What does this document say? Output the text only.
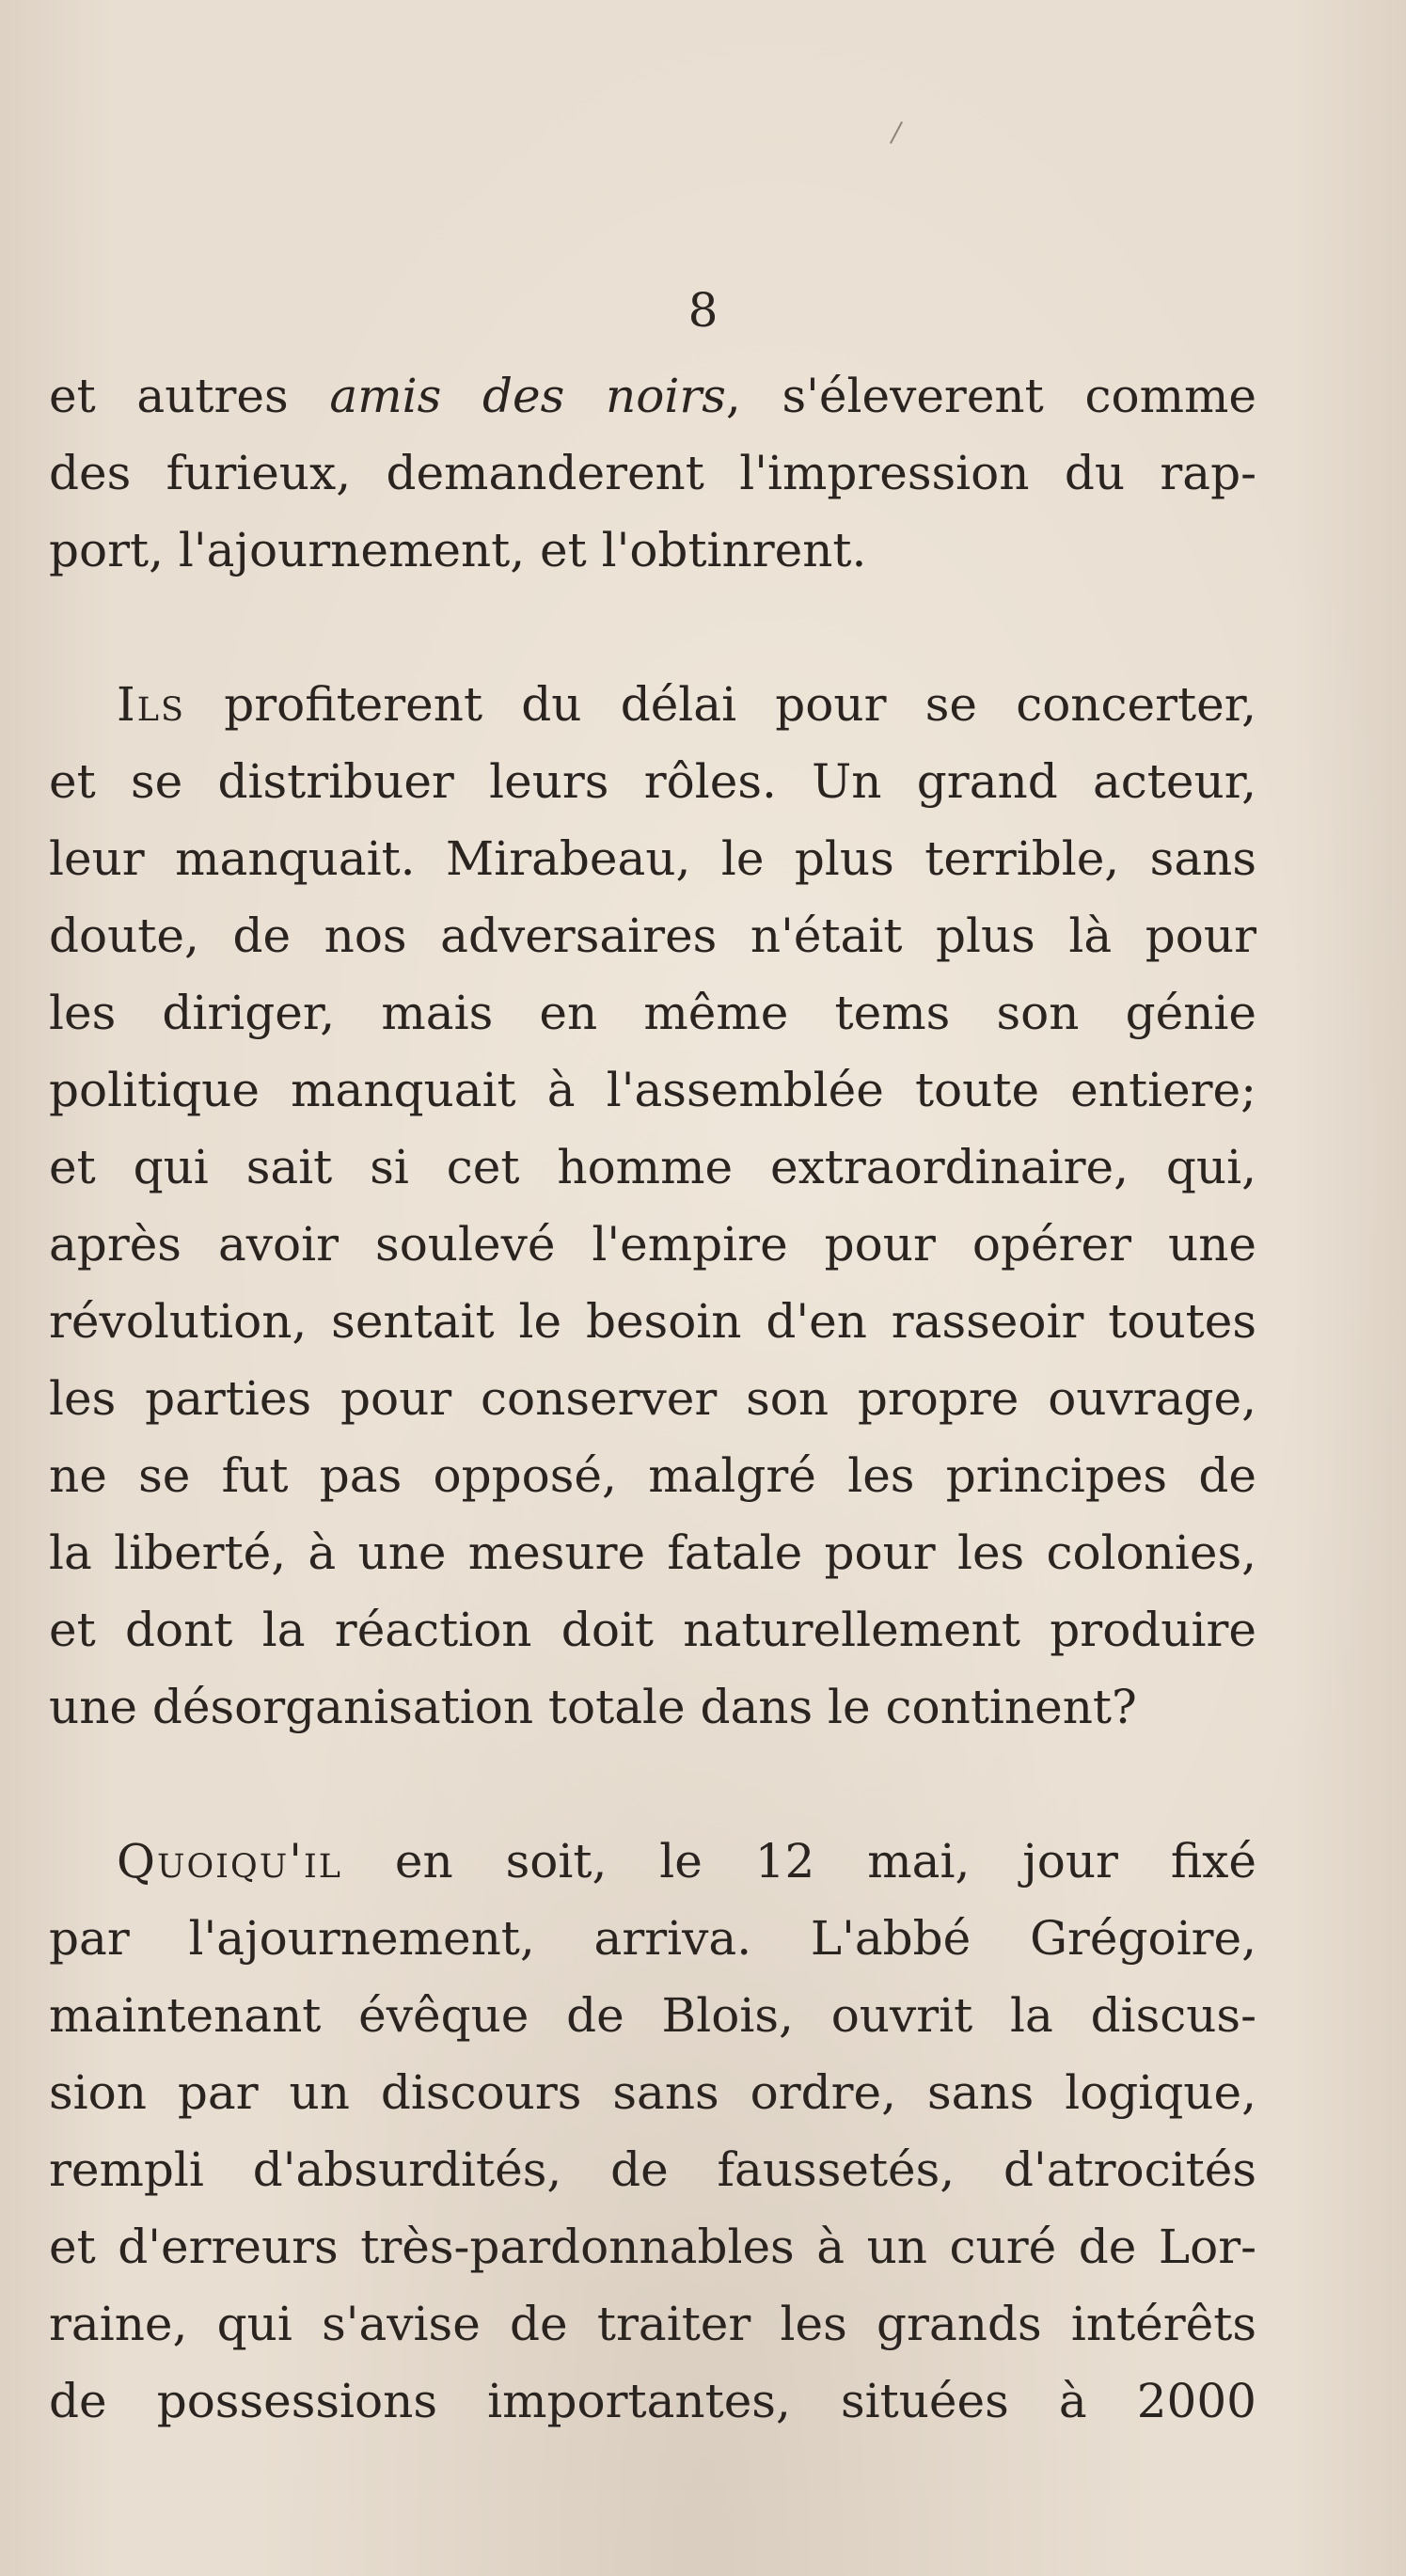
8
et autres amis des noirs, s'éleverent comme
des furieux, demanderent l'impression du rap-
port, l'ajournement, et l'obtinrent.
Ils profiterent du délai pour se concerter,
et se distribuer leurs rôles. Un grand acteur,
leur manquait. Mirabeau, le plus terrible, sans
doute, de nos adversaires n'était plus là pour
les diriger, mais en même tems son génie
politique manquait à l'assemblée toute entiere;
et qui sait si cet homme extraordinaire, qui,
après avoir soulevé l'empire pour opérer une
révolution, sentait le besoin d'en rasseoir toutes
les parties pour conserver son propre ouvrage,
ne se fut pas opposé, malgré les principes de
la liberté, à une mesure fatale pour les colonies,
et dont la réaction doit naturellement produire
une désorganisation totale dans le continent?
Quoiqu'il en soit, le 12 mai, jour fixé
par l'ajournement, arriva. L'abbé Grégoire,
maintenant évêque de Blois, ouvrit la discus-
sion par un discours sans ordre, sans logique,
rempli d'absurdités, de faussetés, d'atrocités
et d'erreurs très-pardonnables à un curé de Lor-
raine, qui s'avise de traiter les grands intérêts
de possessions importantes, situées à 2000
